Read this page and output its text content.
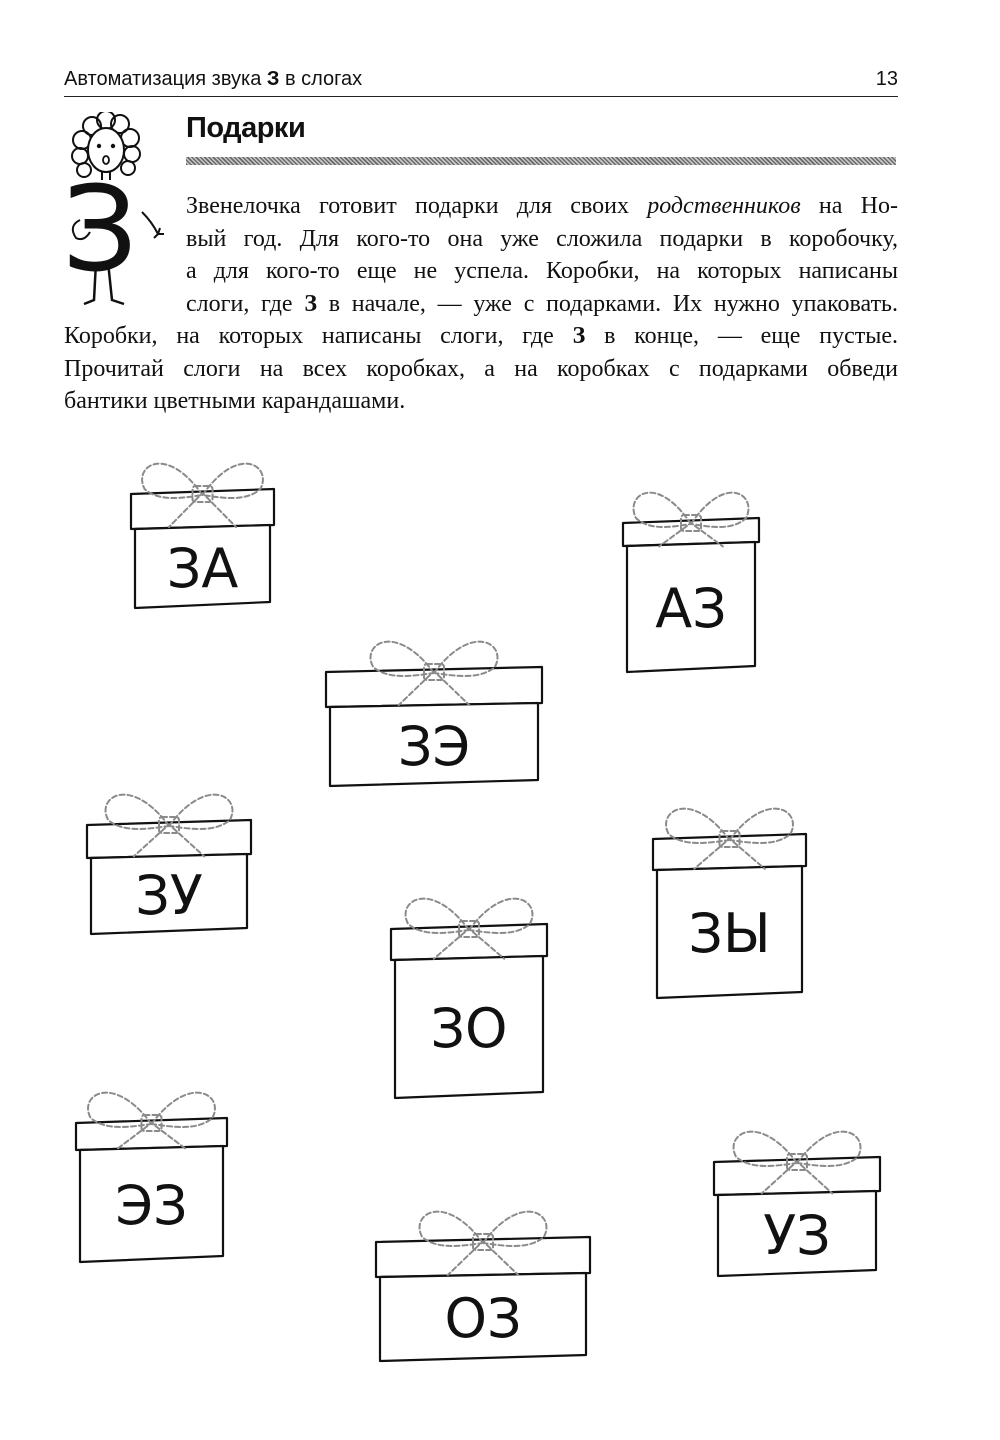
Автоматизация звука З в слогах	13
З
Подарки
Звенелочка готовит подарки для своих родственников на Но-
вый год. Для кого-то она уже сложила подарки в коробочку,
а для кого-то еще не успела. Коробки, на которых написаны
слоги, где З в начале, — уже с подарками. Их нужно упаковать.
Коробки, на которых написаны слоги, где З в конце, — еще пустые.
Прочитай слоги на всех коробках, а на коробках с подарками обведи
бантики цветными карандашами.
ЗА
АЗ
ЗЭ
ЗУ
ЗЫ
ЗО
ЭЗ	УЗ
ОЗ
